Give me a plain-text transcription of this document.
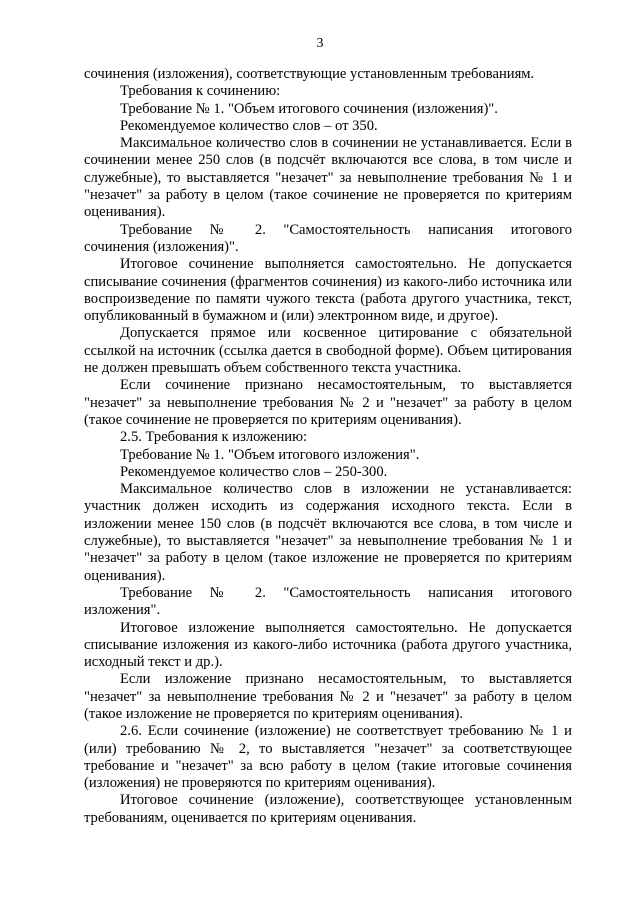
3

сочинения (изложения), соответствующие установленным требованиям.

Требования к сочинению:

Требование № 1. "Объем итогового сочинения (изложения)".

Рекомендуемое количество слов – от 350.

Максимальное количество слов в сочинении не устанавливается. Если в сочинении менее 250 слов (в подсчёт включаются все слова, в том числе и служебные), то выставляется "незачет" за невыполнение требования № 1 и "незачет" за работу в целом (такое сочинение не проверяется по критериям оценивания).

Требование № 2. "Самостоятельность написания итогового

сочинения (изложения)".

Итоговое сочинение выполняется самостоятельно. Не допускается списывание сочинения (фрагментов сочинения) из какого-либо источника или воспроизведение по памяти чужого текста (работа другого участника, текст, опубликованный в бумажном и (или) электронном виде, и другое).

Допускается прямое или косвенное цитирование с обязательной ссылкой на источник (ссылка дается в свободной форме). Объем цитирования не должен превышать объем собственного текста участника.

Если сочинение признано несамостоятельным, то выставляется "незачет" за невыполнение требования № 2 и "незачет" за работу в целом (такое сочинение не проверяется по критериям оценивания).

2.5. Требования к изложению:

Требование № 1. "Объем итогового изложения".

Рекомендуемое количество слов – 250-300.

Максимальное количество слов в изложении не устанавливается: участник должен исходить из содержания исходного текста. Если в изложении менее 150 слов (в подсчёт включаются все слова, в том числе и служебные), то выставляется "незачет" за невыполнение требования № 1 и "незачет" за работу в целом (такое изложение не проверяется по критериям оценивания).

Требование № 2. "Самостоятельность написания итогового

изложения".

Итоговое изложение выполняется самостоятельно. Не допускается списывание изложения из какого-либо источника (работа другого участника, исходный текст и др.).

Если изложение признано несамостоятельным, то выставляется "незачет" за невыполнение требования № 2 и "незачет" за работу в целом (такое изложение не проверяется по критериям оценивания).

2.6. Если сочинение (изложение) не соответствует требованию № 1 и (или) требованию № 2, то выставляется "незачет" за соответствующее требование и "незачет" за всю работу в целом (такие итоговые сочинения (изложения) не проверяются по критериям оценивания).

Итоговое сочинение (изложение), соответствующее установленным требованиям, оценивается по критериям оценивания.
